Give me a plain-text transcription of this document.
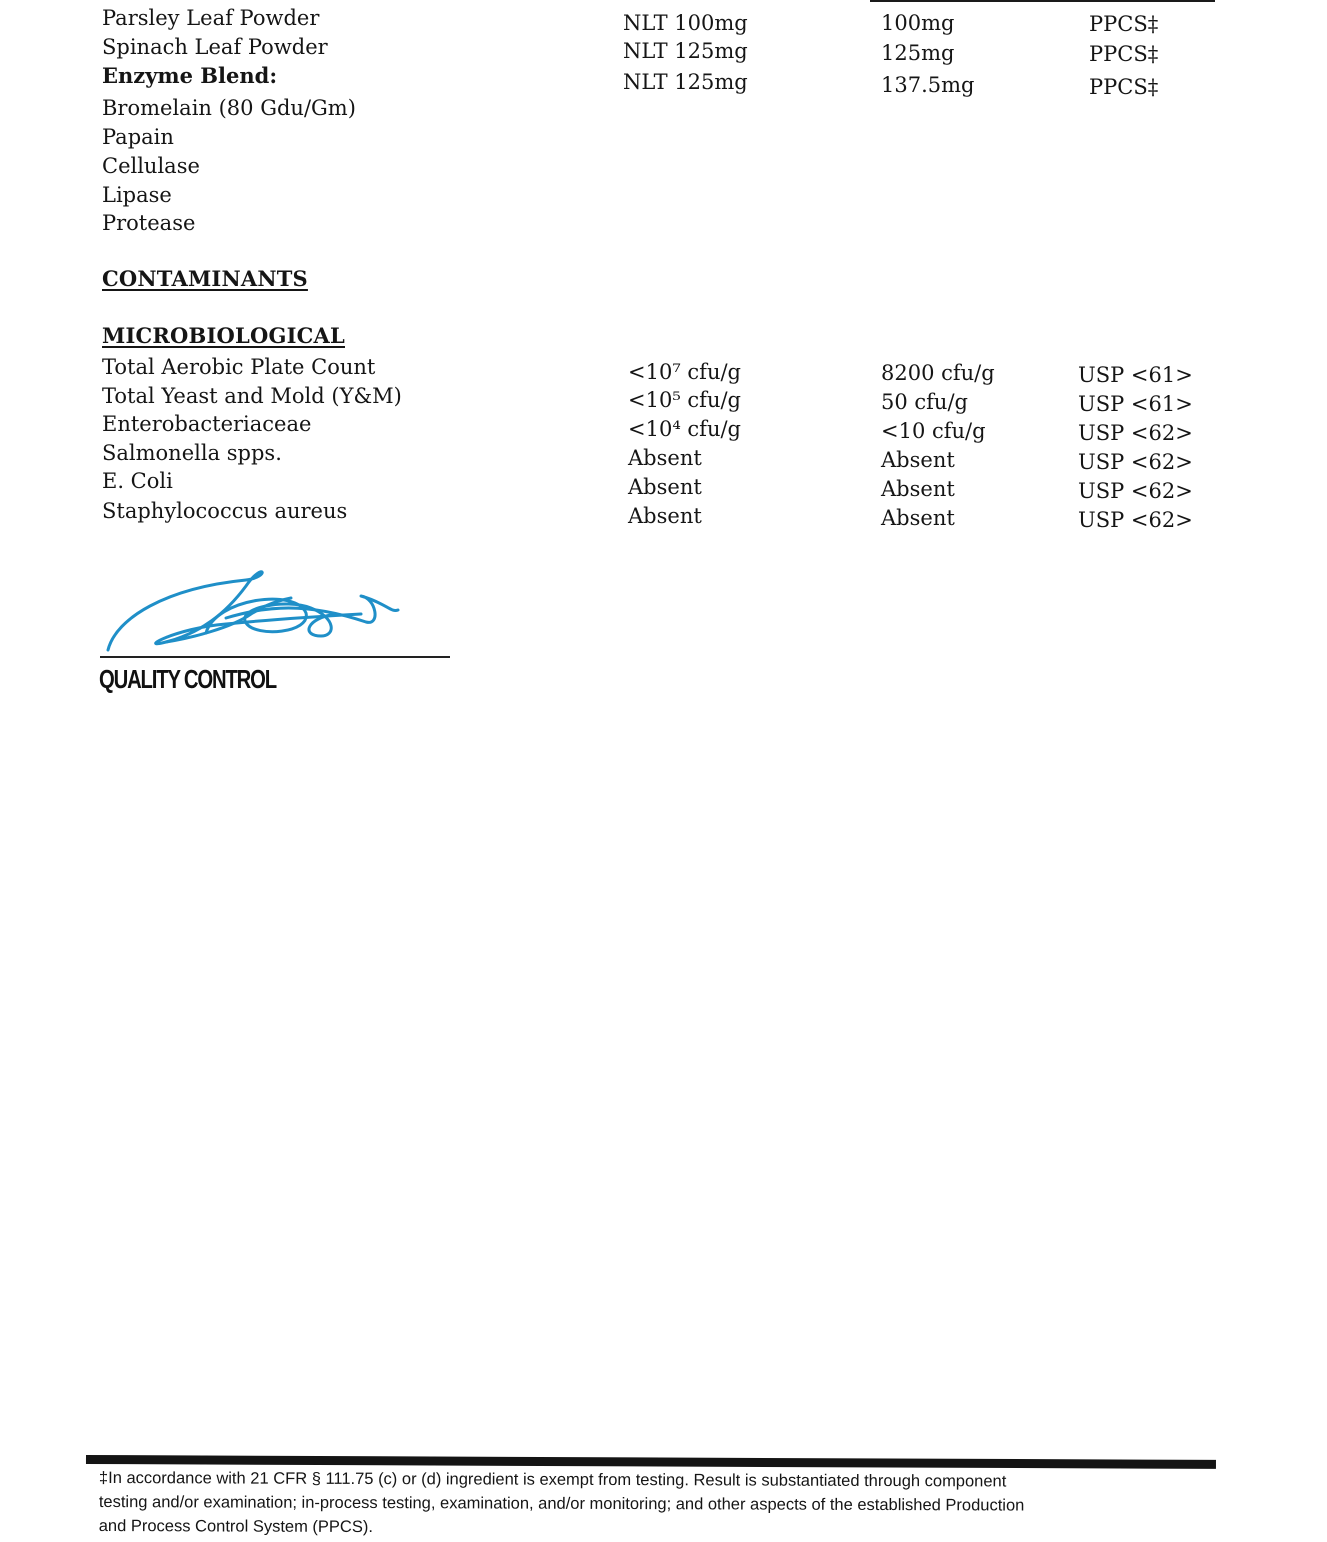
Parsley Leaf Powder	NLT 100mg	100mg	PPCS‡
Spinach Leaf Powder	NLT 125mg	125mg	PPCS‡
Enzyme Blend:	NLT 125mg	137.5mg	PPCS‡
Bromelain (80 Gdu/Gm)
Papain
Cellulase
Lipase
Protease
CONTAMINANTS
MICROBIOLOGICAL
Total Aerobic Plate Count	<10⁷ cfu/g	8200 cfu/g	USP <61>
Total Yeast and Mold (Y&M)	<10⁵ cfu/g	50 cfu/g	USP <61>
Enterobacteriaceae	<10⁴ cfu/g	<10 cfu/g	USP <62>
Salmonella spps.	Absent	Absent	USP <62>
E. Coli	Absent	Absent	USP <62>
Staphylococcus aureus	Absent	Absent	USP <62>
QUALITY CONTROL

‡In accordance with 21 CFR § 111.75 (c) or (d) ingredient is exempt from testing. Result is substantiated through component

testing and/or examination; in-process testing, examination, and/or monitoring; and other aspects of the established Production

and Process Control System (PPCS).
